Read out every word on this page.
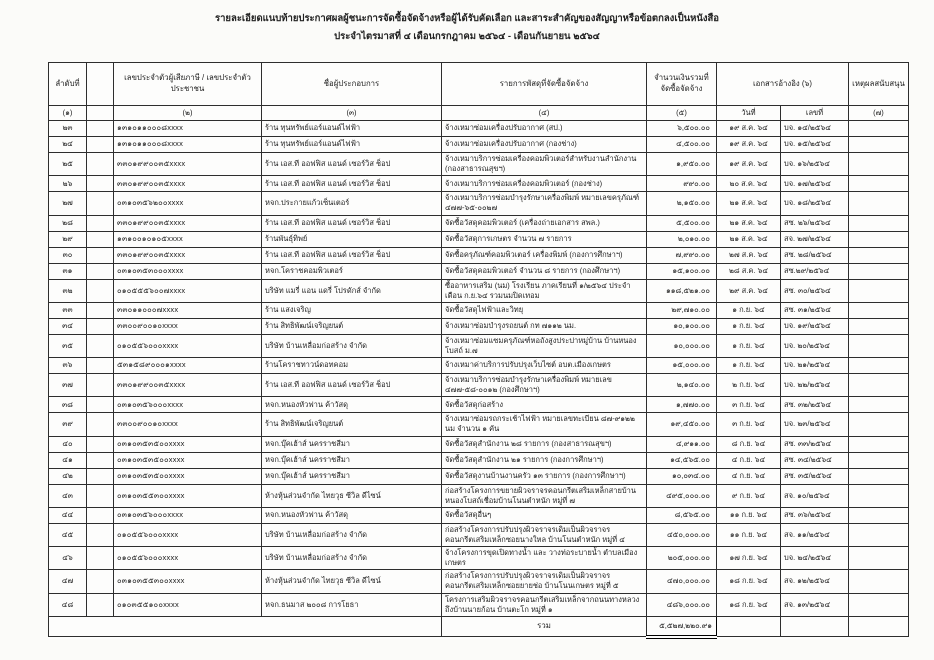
รายละเอียดแนบท้ายประกาศผลผู้ชนะการจัดซื้อจัดจ้างหรือผู้ได้รับคัดเลือก และสาระสำคัญของสัญญาหรือข้อตกลงเป็นหนังสือ
ประจำไตรมาสที่ ๔ เดือนกรกฎาคม ๒๕๖๔ - เดือนกันยายน ๒๕๖๔
ลำดับที่		เลขประจำตัวผู้เสียภาษี / เลขประจำตัวประชาชน	ชื่อผู้ประกอบการ	รายการพัสดุที่จัดซื้อจัดจ้าง	จำนวนเงินรวมที่จัดซื้อจัดจ้าง	เอกสารอ้างอิง (๖)		เหตุผลสนับสนุน
(๑)		(๒)	(๓)	(๔)	(๕)	วันที่	เลขที่	(๗)
๒๓		๑๓๑๐๑๑๐๐๐๘xxxx	ร้าน ทุนทรัพย์แอร์แอนด์ไฟฟ้า	จ้างเหมาซ่อมเครื่องปรับอากาศ (สป.)	๖,๕๐๐.๐๐	๑๙ ส.ค. ๖๔	บจ. ๑๔/๒๕๖๔	
๒๔		๑๓๑๐๑๑๐๐๐๘xxxx	ร้าน ทุนทรัพย์แอร์แอนด์ไฟฟ้า	จ้างเหมาซ่อมเครื่องปรับอากาศ (กองช่าง)	๔,๕๐๐.๐๐	๑๙ ส.ค. ๖๔	บจ. ๑๕/๒๕๖๔	
๒๕		๓๓๐๑๙๙๐๐๓๕xxxx	ร้าน เอส.ที ออฟฟิส แอนด์ เซอร์วิส ช็อป	จ้างเหมาบริการซ่อมเครื่องคอมพิวเตอร์สำหรับงานสำนักงาน (กองสาธารณสุขฯ)	๑,๙๕๐.๐๐	๑๙ ส.ค. ๖๔	บจ. ๑๖/๒๕๖๔	
๒๖		๓๓๐๑๙๙๐๐๓๕xxxx	ร้าน เอส.ที ออฟฟิส แอนด์ เซอร์วิส ช็อป	จ้างเหมาบริการซ่อมเครื่องคอมพิวเตอร์ (กองช่าง)	๙๙๐.๐๐	๒๐ ส.ค. ๖๔	บจ. ๑๗/๒๕๖๔	
๒๗		๐๓๑๐๓๕๖๒๐๐xxxx	หจก.ประกายแก้วเซ็นเตอร์	จ้างเหมาบริการซ่อมบำรุงรักษาเครื่องพิมพ์ หมายเลขครุภัณฑ์ ๔๗๗-๖๕-๐๐๒๗	๒,๑๕๐.๐๐	๒๑ ส.ค. ๖๔	บจ. ๑๘/๒๕๖๔	
๒๘		๓๓๐๑๙๙๐๐๓๕xxxx	ร้าน เอส.ที ออฟฟิส แอนด์ เซอร์วิส ช็อป	จัดซื้อวัสดุคอมพิวเตอร์ (เครื่องถ่ายเอกสาร สพล.)	๕,๕๐๐.๐๐	๒๑ ส.ค. ๖๔	สซ. ๒๖/๒๕๖๔	
๒๙		๑๓๑๐๐๑๐๑๐๕xxxx	ร้านพันธุ์ทิพย์	จัดซื้อวัสดุการเกษตร จำนวน ๗ รายการ	๒,๐๑๐.๐๐	๒๑ ส.ค. ๖๔	สจ. ๒๗/๒๕๖๔	
๓๐		๓๓๐๑๙๙๐๐๓๕xxxx	ร้าน เอส.ที ออฟฟิส แอนด์ เซอร์วิส ช็อป	จัดซื้อครุภัณฑ์คอมพิวเตอร์ เครื่องพิมพ์ (กองการศึกษาฯ)	๗,๙๙๐.๐๐	๒๗ ส.ค. ๖๔	สซ. ๒๘/๒๕๖๔	
๓๑		๐๓๑๐๓๕๓๐๐๐xxxx	หจก.โคราชคอมพิวเตอร์	จัดซื้อวัสดุคอมพิวเตอร์ จำนวน ๘ รายการ (กองศึกษาฯ)	๑๕,๑๐๐.๐๐	๒๘ ส.ค. ๖๔	สซ.๒๙/๒๕๖๔	
๓๒		๐๑๐๕๕๕๖๐๐๗xxxx	บริษัท แมรี่ แอน แดรี่ โปรดักส์ จำกัด	ซื้ออาหารเสริม (นม) โรงเรียน ภาคเรียนที่ ๑/๒๕๖๔ ประจำเดือน ก.ย.๖๔ รวมนมปิดเทอม	๑๑๘,๕๒๑.๐๐	๒๙ ส.ค. ๖๔	สซ. ๓๐/๒๕๖๔	
๓๓		๓๓๐๑๑๐๐๐๗xxxx	ร้าน แสงเจริญ	จัดซื้อวัสดุไฟฟ้าและวิทยุ	๒๙,๗๑๐.๐๐	๑ ก.ย. ๖๔	สซ. ๓๑/๒๕๖๔	
๓๔		๓๓๐๐๙๐๐๑๐xxxx	ร้าน สิทธิพัฒน์เจริญยนต์	จ้างเหมาซ่อมบำรุงรถยนต์ กท ๗๑๑๒ นม.	๑๐,๑๐๐.๐๐	๑ ก.ย. ๖๔	บจ. ๑๙/๒๕๖๔	
๓๕		๐๑๐๕๕๖๐๐๐xxxx	บริษัท บ้านเหลื่อมก่อสร้าง จำกัด	จ้างเหมาซ่อมแซมครุภัณฑ์หอถังสูงประปาหมู่บ้าน บ้านหนองโบสถ์ ม.๗	๑๐,๐๐๐.๐๐	๑ ก.ย. ๖๔	บจ. ๒๐/๒๕๖๔	
๓๖		๕๓๑๕๘๙๐๐๐๑xxxx	ร้านโคราชทาวน์ดอทคอม	จ้างเหมาค่าบริการปรับปรุงเว็บไซต์ อบต.เมืองเกษตร	๑๕,๐๐๐.๐๐	๑ ก.ย. ๖๔	บจ. ๒๑/๒๕๖๔	
๓๗		๓๓๐๑๙๙๐๐๓๕xxxx	ร้าน เอส.ที ออฟฟิส แอนด์ เซอร์วิส ช็อป	จ้างเหมาบริการซ่อมบำรุงรักษาเครื่องพิมพ์ หมายเลข ๔๗๗-๕๘-๐๐๑๒ (กองศึกษาฯ)	๒,๑๔๐.๐๐	๒ ก.ย. ๖๔	บจ. ๒๒/๒๕๖๔	
๓๘		๐๓๑๐๓๕๖๐๐๐xxxx	หจก.หนองหัวฟาน ค้าวัสดุ	จัดซื้อวัสดุก่อสร้าง	๑,๗๗๐.๐๐	๓ ก.ย. ๖๔	สซ. ๓๒/๒๕๖๔	
๓๙		๓๓๐๐๙๐๐๑๐xxxx	ร้าน สิทธิพัฒน์เจริญยนต์	จ้างเหมาซ่อมรถกระเช้าไฟฟ้า หมายเลขทะเบียน ๘๗-๙๑๒๒ นม จำนวน ๑ คัน	๑๙,๔๕๐.๐๐	๓ ก.ย. ๖๔	บจ. ๒๓/๒๕๖๔	
๔๐		๐๓๑๐๓๕๓๕๐๐xxxx	หจก.บุ๊คเฮ้าส์ นครราชสีมา	จัดซื้อวัสดุสำนักงาน ๒๘ รายการ (กองสาธารณสุขฯ)	๔,๙๑๑.๐๐	๘ ก.ย. ๖๔	สซ. ๓๓/๒๕๖๔	
๔๑		๐๓๑๐๓๕๓๕๐๐xxxx	หจก.บุ๊คเฮ้าส์ นครราชสีมา	จัดซื้อวัสดุสำนักงาน ๒๑ รายการ (กองการศึกษาฯ)	๑๔,๕๖๕.๐๐	๔ ก.ย. ๖๔	สซ. ๓๔/๒๕๖๔	
๔๒		๐๓๑๐๓๕๓๕๐๐xxxx	หจก.บุ๊คเฮ้าส์ นครราชสีมา	จัดซื้อวัสดุงานบ้านงานครัว ๑๓ รายการ (กองการศึกษาฯ)	๑๐,๐๓๔.๐๐	๔ ก.ย. ๖๔	สซ. ๓๕/๒๕๖๔	
๔๓		๐๓๑๐๓๕๕๓๐๐xxxx	ห้างหุ้นส่วนจำกัด ไทยวุธ ซีวิล ดีไซน์	ก่อสร้างโครงการขยายผิวจราจรคอนกรีตเสริมเหล็กสายบ้านหนองโบสถ์เชื่อมบ้านโนนตำหนัก หมู่ที่ ๗	๔๙๕,๐๐๐.๐๐	๙ ก.ย. ๖๔	สจ. ๑๐/๒๕๖๔	
๔๔		๐๓๑๐๓๕๖๐๐๐xxxx	หจก.หนองหัวฟาน ค้าวัสดุ	จัดซื้อวัสดุอื่นๆ	๘,๕๖๕.๐๐	๑๑ ก.ย. ๖๔	สซ. ๓๖/๒๕๖๔	
๔๕		๐๑๐๕๕๖๐๐๐xxxx	บริษัท บ้านเหลื่อมก่อสร้าง จำกัด	ก่อสร้างโครงการปรับปรุงผิวจราจรเดิมเป็นผิวจราจรคอนกรีตเสริมเหล็กซอยนางใหล บ้านโนนตำหนัก หมู่ที่ ๔	๔๕๐,๐๐๐.๐๐	๑๑ ก.ย. ๖๔	สจ. ๑๑/๒๕๖๔	
๔๖		๐๑๐๕๕๖๐๐๐xxxx	บริษัท บ้านเหลื่อมก่อสร้าง จำกัด	จ้างโครงการขุดเปิดทางน้ำ และ วางท่อระบายน้ำ ตำบลเมืองเกษตร	๒๐๕,๐๐๐.๐๐	๑๗ ก.ย. ๖๔	บจ. ๒๔/๒๕๖๔	
๔๗		๐๓๑๐๓๕๕๓๐๐xxxx	ห้างหุ้นส่วนจำกัด ไทยวุธ ซีวิล ดีไซน์	ก่อสร้างโครงการปรับปรุงผิวจราจรเดิมเป็นผิวจราจรคอนกรีตเสริมเหล็กซอยยายช่อ บ้านโนนเกษตร หมู่ที่ ๕	๔๗๐,๐๐๐.๐๐	๑๘ ก.ย. ๖๔	สจ. ๑๒/๒๕๖๔	
๔๘		๐๑๐๓๕๕๑๐๐xxxx	หจก.ธนมาส ๒๐๐๘ การโยธา	โครงการเสริมผิวจราจรคอนกรีตเสริมเหล็กจากถนนทางหลวงถึงบ้านนายก้อน บ้านตะโก หมู่ที่ ๑	๔๘๖,๐๐๐.๐๐	๑๘ ก.ย. ๖๔	สจ. ๑๓/๒๕๖๔	
				รวม	๕,๕๒๗,๒๒๐.๙๑			
